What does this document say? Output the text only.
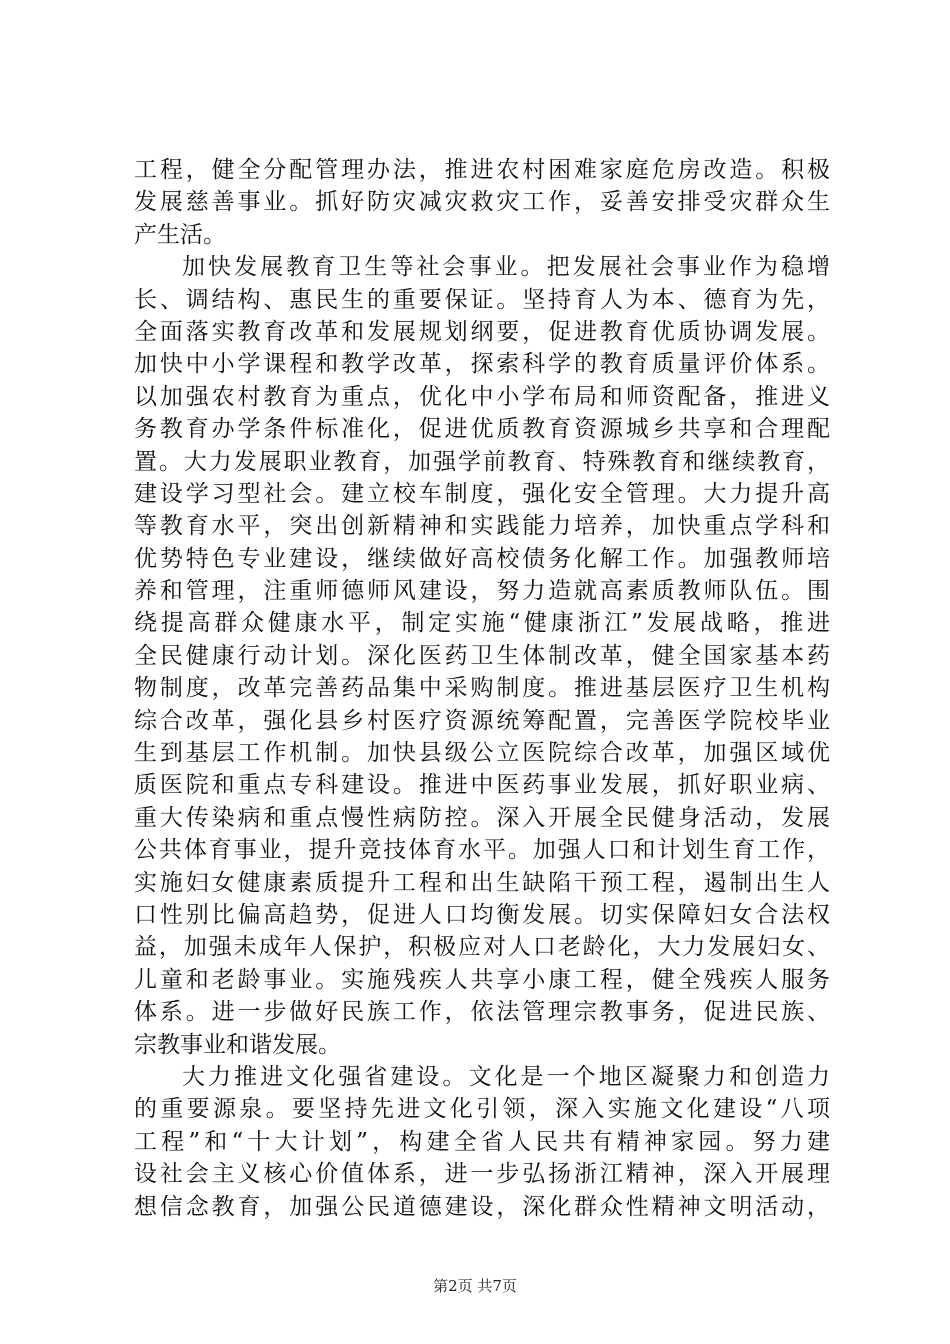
工程，健全分配管理办法，推进农村困难家庭危房改造。积极
发展慈善事业。抓好防灾减灾救灾工作，妥善安排受灾群众生
产生活。
加快发展教育卫生等社会事业。把发展社会事业作为稳增
长、调结构、惠民生的重要保证。坚持育人为本、德育为先，
全面落实教育改革和发展规划纲要，促进教育优质协调发展。
加快中小学课程和教学改革，探索科学的教育质量评价体系。
以加强农村教育为重点，优化中小学布局和师资配备，推进义
务教育办学条件标准化，促进优质教育资源城乡共享和合理配
置。大力发展职业教育，加强学前教育、特殊教育和继续教育，
建设学习型社会。建立校车制度，强化安全管理。大力提升高
等教育水平，突出创新精神和实践能力培养，加快重点学科和
优势特色专业建设，继续做好高校债务化解工作。加强教师培
养和管理，注重师德师风建设，努力造就高素质教师队伍。围
绕提高群众健康水平，制定实施“健康浙江”发展战略，推进
全民健康行动计划。深化医药卫生体制改革，健全国家基本药
物制度，改革完善药品集中采购制度。推进基层医疗卫生机构
综合改革，强化县乡村医疗资源统筹配置，完善医学院校毕业
生到基层工作机制。加快县级公立医院综合改革，加强区域优
质医院和重点专科建设。推进中医药事业发展，抓好职业病、
重大传染病和重点慢性病防控。深入开展全民健身活动，发展
公共体育事业，提升竞技体育水平。加强人口和计划生育工作，
实施妇女健康素质提升工程和出生缺陷干预工程，遏制出生人
口性别比偏高趋势，促进人口均衡发展。切实保障妇女合法权
益，加强未成年人保护，积极应对人口老龄化，大力发展妇女、
儿童和老龄事业。实施残疾人共享小康工程，健全残疾人服务
体系。进一步做好民族工作，依法管理宗教事务，促进民族、
宗教事业和谐发展。
大力推进文化强省建设。文化是一个地区凝聚力和创造力
的重要源泉。要坚持先进文化引领，深入实施文化建设“八项
工程”和“十大计划”，构建全省人民共有精神家园。努力建
设社会主义核心价值体系，进一步弘扬浙江精神，深入开展理
想信念教育，加强公民道德建设，深化群众性精神文明活动，
第2页 共7页
